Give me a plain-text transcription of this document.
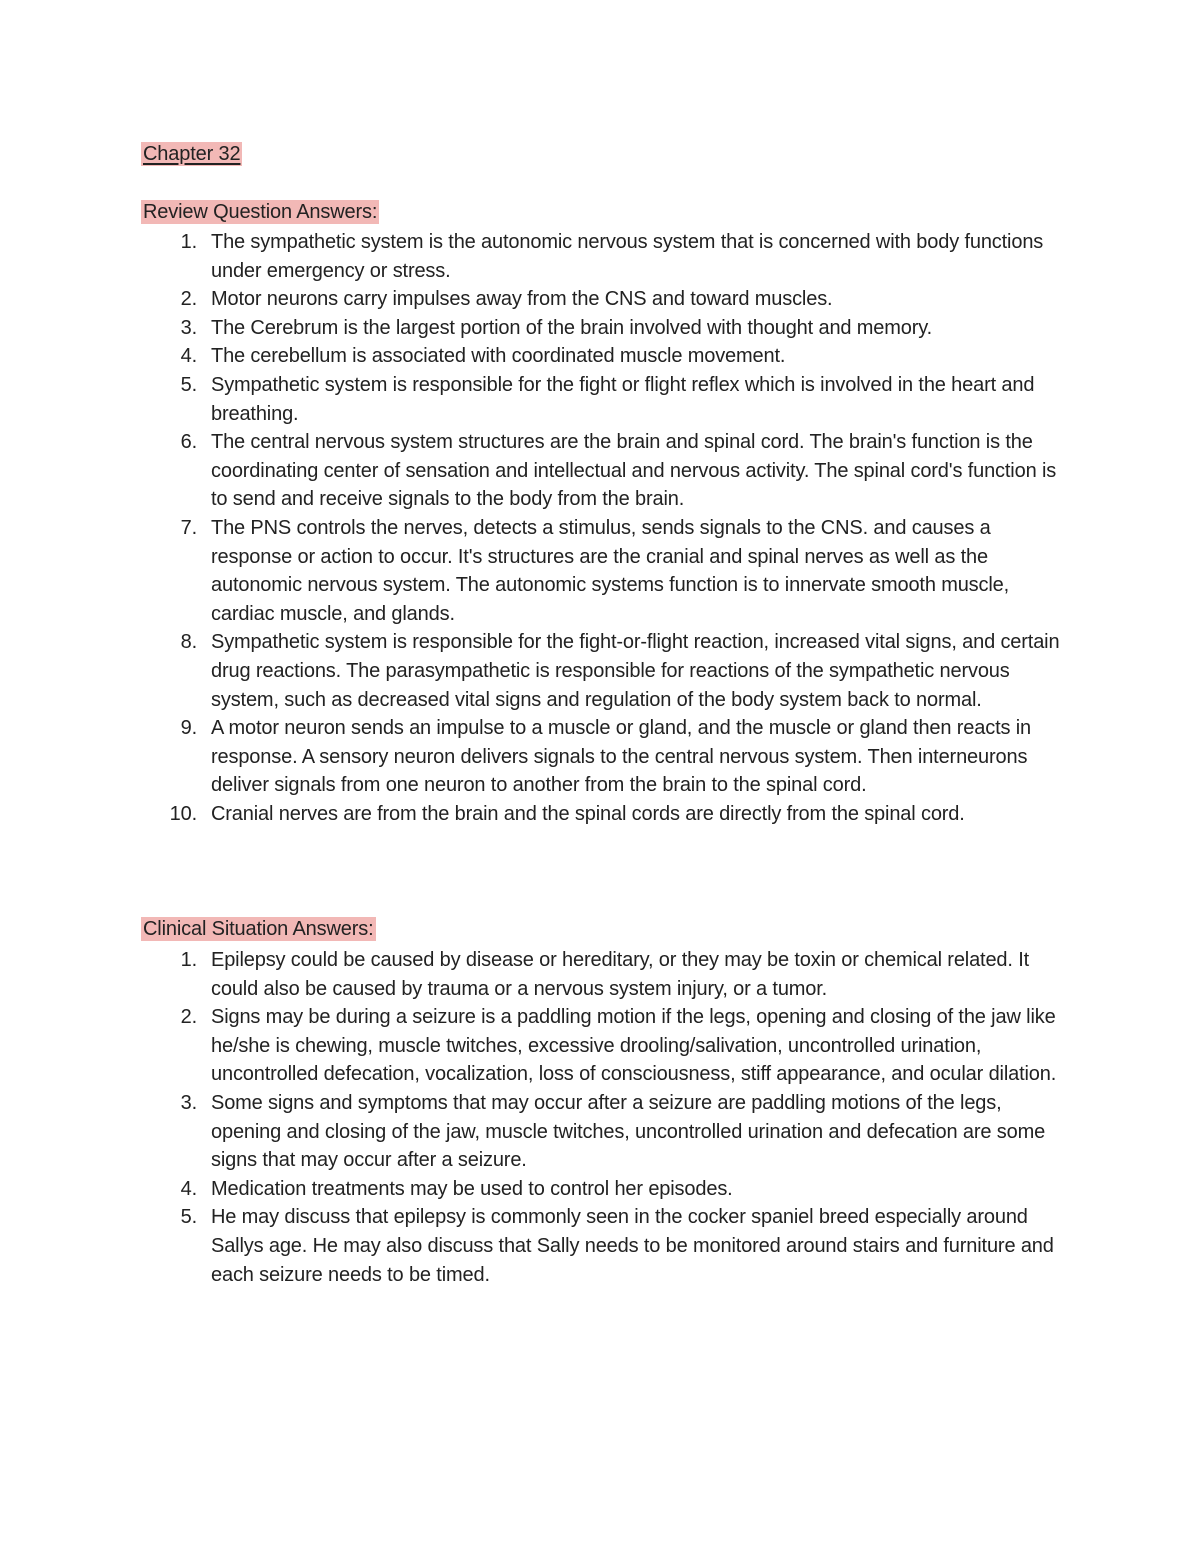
Chapter 32
Review Question Answers:
1. The sympathetic system is the autonomic nervous system that is concerned with body functions under emergency or stress.
2. Motor neurons carry impulses away from the CNS and toward muscles.
3. The Cerebrum is the largest portion of the brain involved with thought and memory.
4. The cerebellum is associated with coordinated muscle movement.
5. Sympathetic system is responsible for the fight or flight reflex which is involved in the heart and breathing.
6. The central nervous system structures are the brain and spinal cord. The brain's function is the coordinating center of sensation and intellectual and nervous activity. The spinal cord's function is to send and receive signals to the body from the brain.
7. The PNS controls the nerves, detects a stimulus, sends signals to the CNS. and causes a response or action to occur. It's structures are the cranial and spinal nerves as well as the autonomic nervous system. The autonomic systems function is to innervate smooth muscle, cardiac muscle, and glands.
8. Sympathetic system is responsible for the fight-or-flight reaction, increased vital signs, and certain drug reactions. The parasympathetic is responsible for reactions of the sympathetic nervous system, such as decreased vital signs and regulation of the body system back to normal.
9. A motor neuron sends an impulse to a muscle or gland, and the muscle or gland then reacts in response. A sensory neuron delivers signals to the central nervous system. Then interneurons deliver signals from one neuron to another from the brain to the spinal cord.
10. Cranial nerves are from the brain and the spinal cords are directly from the spinal cord.
Clinical Situation Answers:
1. Epilepsy could be caused by disease or hereditary, or they may be toxin or chemical related. It could also be caused by trauma or a nervous system injury, or a tumor.
2. Signs may be during a seizure is a paddling motion if the legs, opening and closing of the jaw like he/she is chewing, muscle twitches, excessive drooling/salivation, uncontrolled urination, uncontrolled defecation, vocalization, loss of consciousness, stiff appearance, and ocular dilation.
3. Some signs and symptoms that may occur after a seizure are paddling motions of the legs, opening and closing of the jaw, muscle twitches, uncontrolled urination and defecation are some signs that may occur after a seizure.
4. Medication treatments may be used to control her episodes.
5. He may discuss that epilepsy is commonly seen in the cocker spaniel breed especially around Sallys age. He may also discuss that Sally needs to be monitored around stairs and furniture and each seizure needs to be timed.
